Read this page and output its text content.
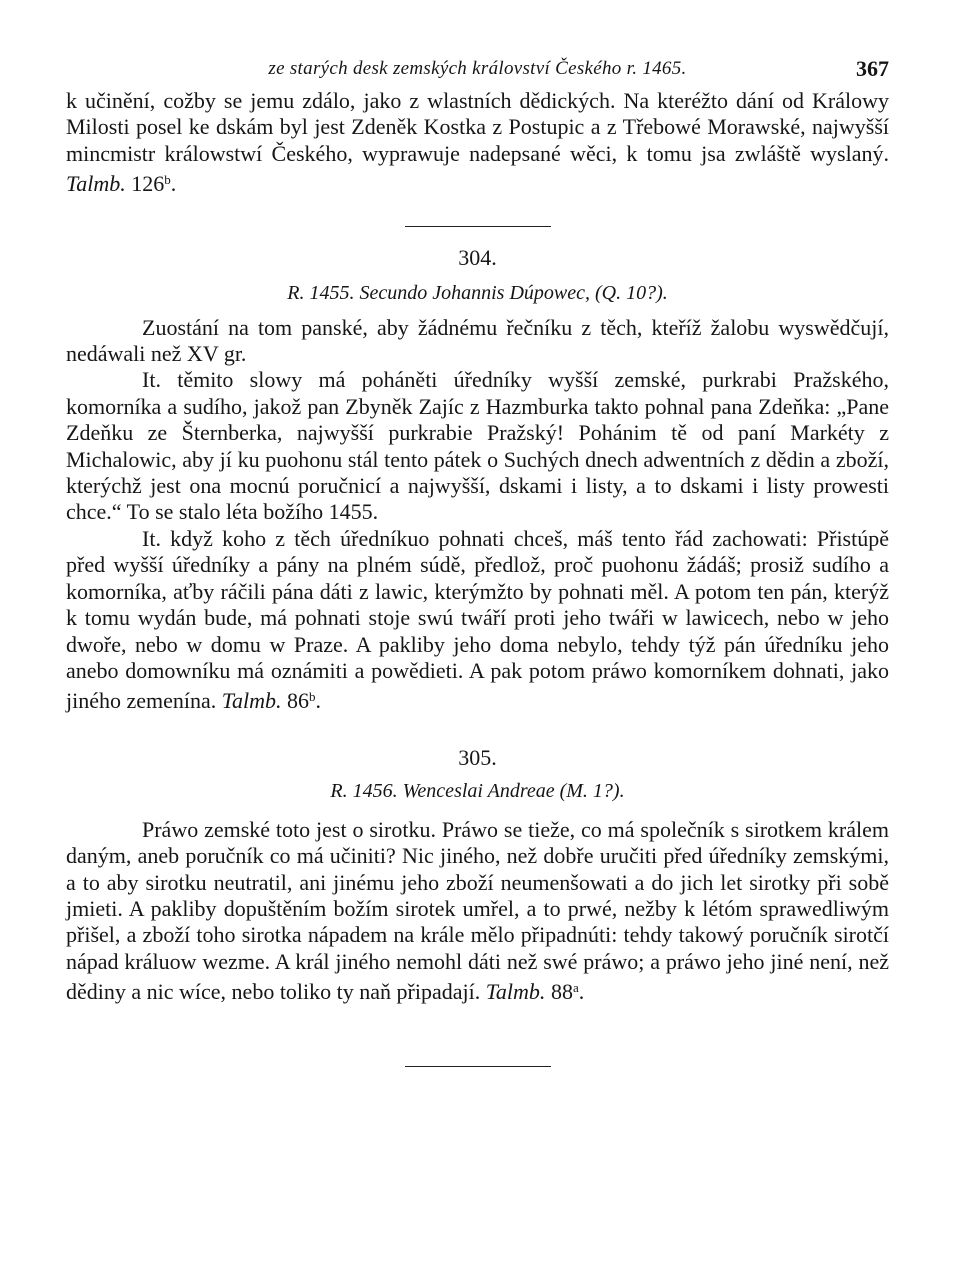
ze starých desk zemských království Českého r. 1465.	367

k učinění, cožby se jemu zdálo, jako z wlastních dědických. Na kteréžto dání od Králowy Milosti posel ke dskám byl jest Zdeněk Kostka z Postupic a z Třebowé Morawské, najwyšší mincmistr králowstwí Českého, wyprawuje nadepsané wěci, k tomu jsa zwláště wyslaný. Talmb. 126$^b$.

304.
R. 1455. Secundo Johannis Dúpowec, (Q. 10?).

Zuostání na tom panské, aby žádnému řečníku z těch, kteříž žalobu wyswědčují, nedáwali než XV gr.

It. těmito slowy má poháněti úředníky wyšší zemské, purkrabi Pražského, komorníka a sudího, jakož pan Zbyněk Zajíc z Hazmburka takto pohnal pana Zdeňka: „Pane Zdeňku ze Šternberka, najwyšší purkrabie Pražský! Pohánim tě od paní Markéty z Michalowic, aby jí ku puohonu stál tento pátek o Suchých dnech adwentních z dědin a zboží, kterýchž jest ona mocnú poručnicí a najwyšší, dskami i listy, a to dskami i listy prowesti chce.“ To se stalo léta božího 1455.

It. když koho z těch úředníkuo pohnati chceš, máš tento řád zachowati: Přistúpě před wyšší úředníky a pány na plném súdě, předlož, proč puohonu žádáš; prosiž sudího a komorníka, aťby ráčili pána dáti z lawic, kterýmžto by pohnati měl. A potom ten pán, kterýž k tomu wydán bude, má pohnati stoje swú twáří proti jeho twáři w lawicech, nebo w jeho dwoře, nebo w domu w Praze. A pakliby jeho doma nebylo, tehdy týž pán úředníku jeho anebo domowníku má oznámiti a powědieti. A pak potom práwo komorníkem dohnati, jako jiného zemenína. Talmb. 86$^b$.

305.
R. 1456. Wenceslai Andreae (M. 1?).

Práwo zemské toto jest o sirotku. Práwo se tieže, co má společník s sirotkem králem daným, aneb poručník co má učiniti? Nic jiného, než dobře uručiti před úředníky zemskými, a to aby sirotku neutratil, ani jinému jeho zboží neumenšowati a do jich let sirotky při sobě jmieti. A pakliby dopuštěním božím sirotek umřel, a to prwé, nežby k létóm sprawedliwým přišel, a zboží toho sirotka nápadem na krále mělo připadnúti: tehdy takowý poručník sirotčí nápad králuow wezme. A král jiného nemohl dáti než swé práwo; a práwo jeho jiné není, než dědiny a nic wíce, nebo toliko ty naň připadají. Talmb. 88$^a$.
